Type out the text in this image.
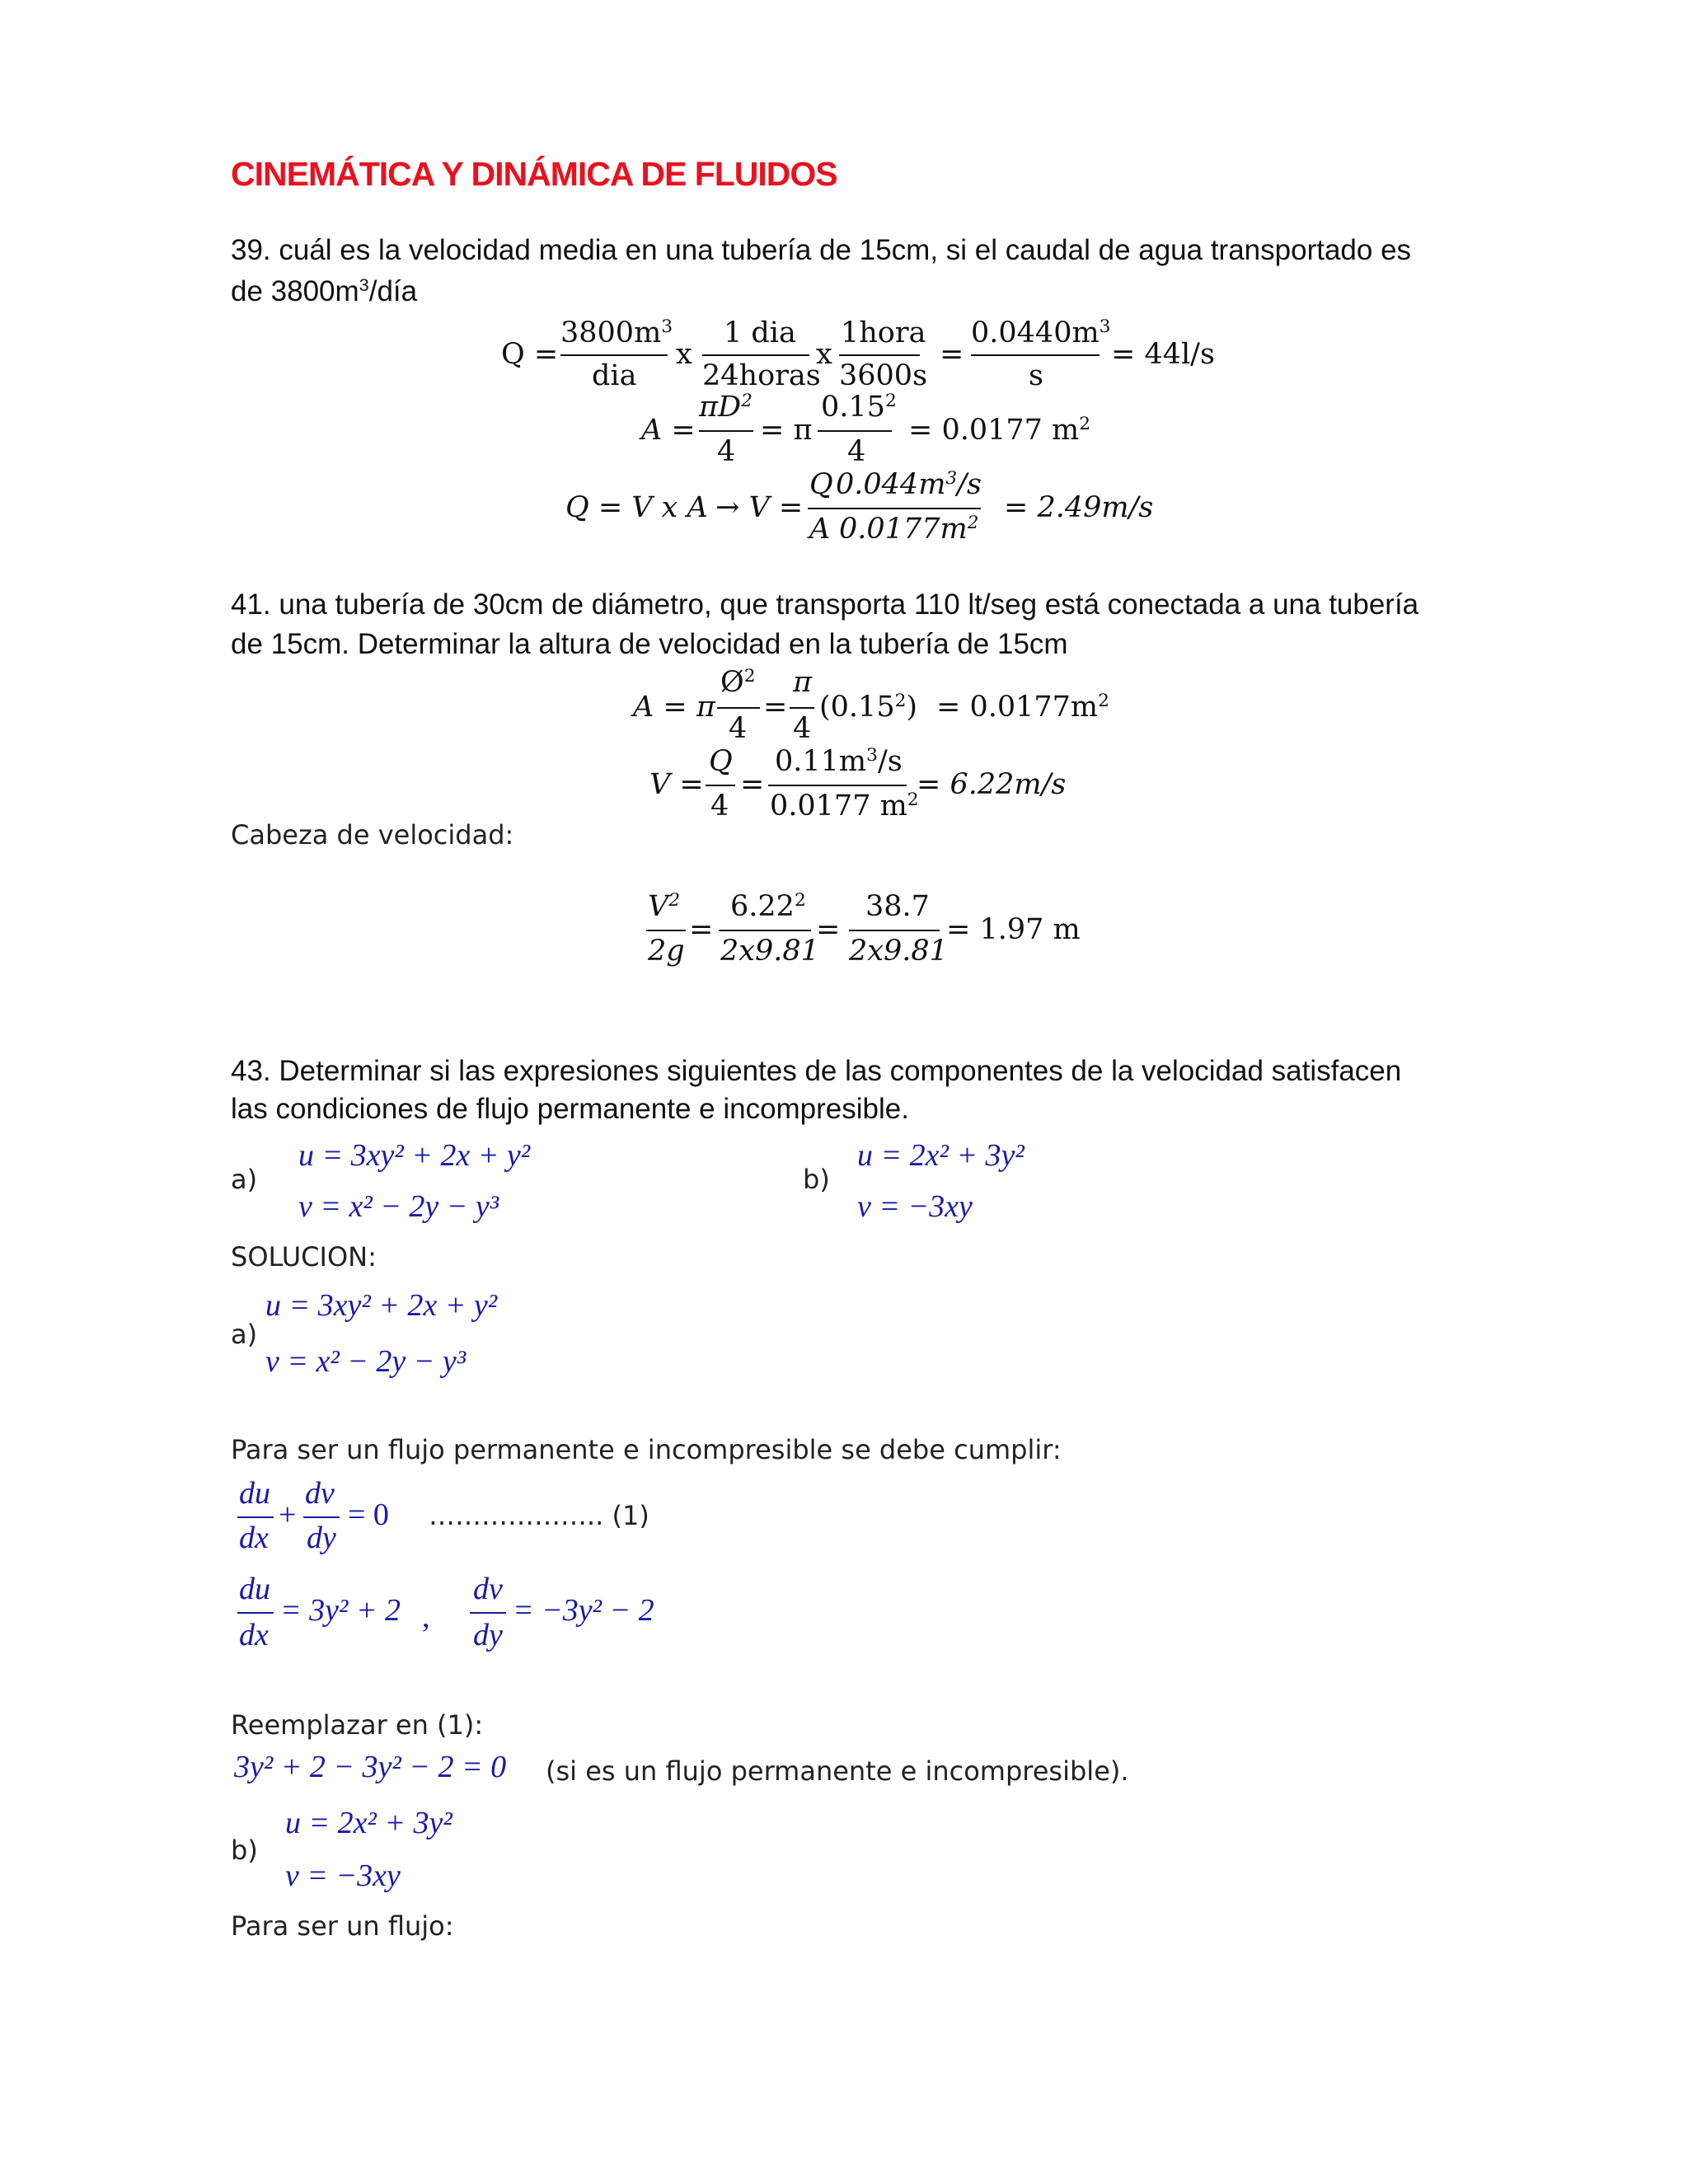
CINEMÁTICA Y DINÁMICA DE FLUIDOS
39. cuál es la velocidad media en una tubería de 15cm, si el caudal de agua transportado es
de $3800m^3$/día
Q =
$3800m^3$
dia
x
1 dia
24horas
x
1hora
3600s
=
$0.0440m^3$
s
= 44l/s
A =
$\pi D^2$
4
= π
0.15$^2$
4
= 0.0177 $m^2$
Q = V x A → V =
Q
A
$0.044m^3/s$
$0.0177m^2 = 2.49m/s$
41. una tubería de 30cm de diámetro, que transporta 110 lt/seg está conectada a una tubería
de 15cm. Determinar la altura de velocidad en la tubería de 15cm
A = π
$Ø^2$
4
=
π
4
$(0.15^2) = 0.0177m^2$
V =
Q
4
=
$0.11m^3/s$
0.0177 $m^2$
= 6.22m/s
Cabeza de velocidad:
$V^2$
2g
=
$6.22^2$
2x9.81
=
38.7
2x9.81
= 1.97 m
43. Determinar si las expresiones siguientes de las componentes de la velocidad satisfacen
las condiciones de flujo permanente e incompresible.
a)
u = 3xy² + 2x + y²
v = x² − 2y − y³
b)
u = 2x² + 3y²
v = −3xy
SOLUCION:
a)
u = 3xy² + 2x + y²
v = x² − 2y − y³
Para ser un flujo permanente e incompresible se debe cumplir:
du
dx
+
dv
dy
= 0 ……………….. (1)
du
dx
= 3y² + 2 ,
dv
dy
= −3y² − 2
Reemplazar en (1):
3y² + 2 − 3y² − 2 = 0 (si es un flujo permanente e incompresible).
b)
u = 2x² + 3y²
v = −3xy
Para ser un flujo:
